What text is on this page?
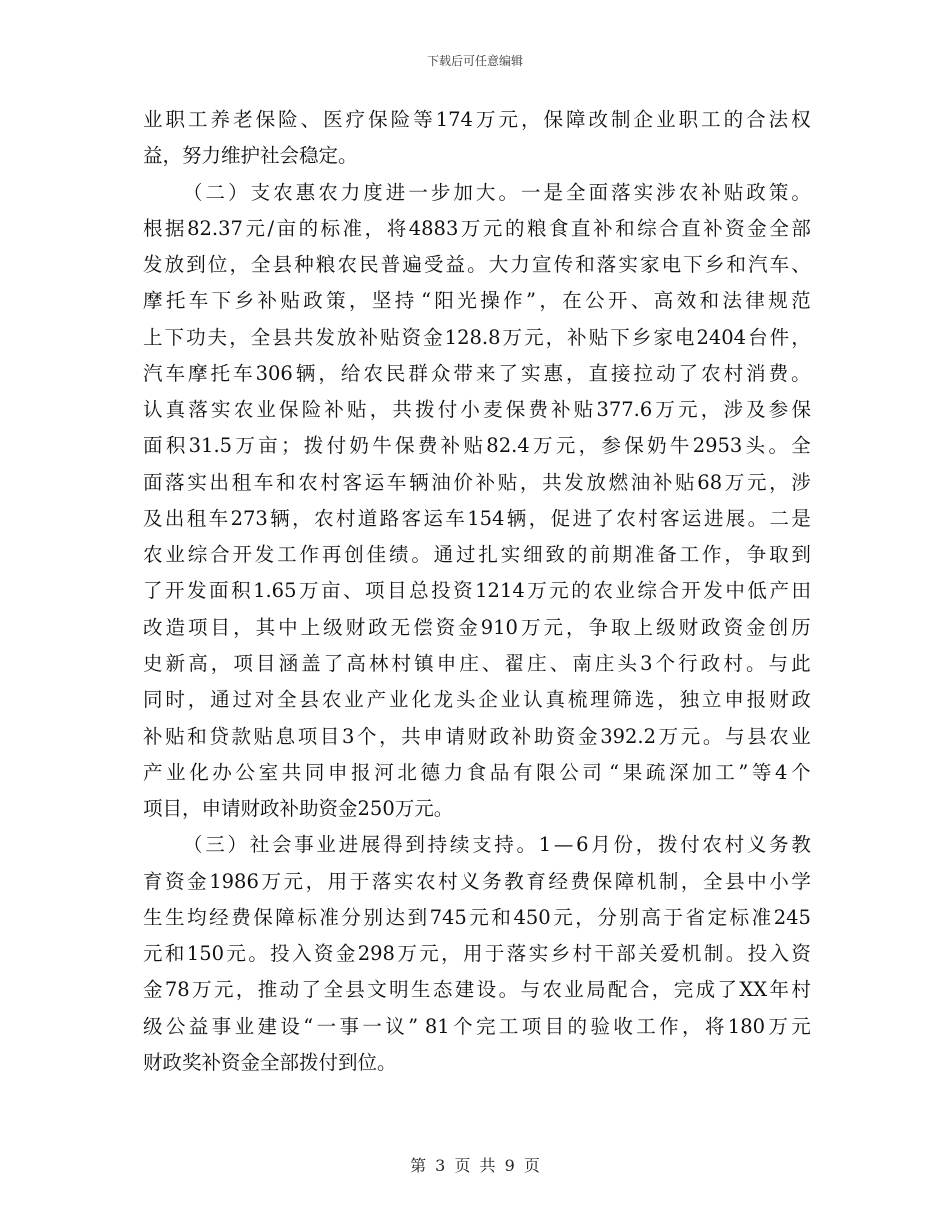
下载后可任意编辑
业 职 工 养 老 保 险 、 医 疗 保 险 等 174 万 元 ， 保 障 改 制 企 业 职 工 的 合 法 权
益，努力维护社会稳定。
（ 二 ） 支 农 惠 农 力 度 进 一 步 加 大 。 一 是 全 面 落 实 涉 农 补 贴 政 策 。
根 据 82.37 元 / 亩 的 标 准 ， 将 4883 万 元 的 粮 食 直 补 和 综 合 直 补 资 金 全 部
发 放 到 位 ， 全 县 种 粮 农 民 普 遍 受 益 。 大 力 宣 传 和 落 实 家 电 下 乡 和 汽 车 、
摩 托 车 下 乡 补 贴 政 策 ， 坚 持 “ 阳 光 操 作 ” ， 在 公 开 、 高 效 和 法 律 规 范
上 下 功 夫 ， 全 县 共 发 放 补 贴 资 金 128.8 万 元 ， 补 贴 下 乡 家 电 2404 台 件 ，
汽 车 摩 托 车 306 辆 ， 给 农 民 群 众 带 来 了 实 惠 ， 直 接 拉 动 了 农 村 消 费 。
认 真 落 实 农 业 保 险 补 贴 ， 共 拨 付 小 麦 保 费 补 贴 377.6 万 元 ， 涉 及 参 保
面 积 31.5 万 亩 ； 拨 付 奶 牛 保 费 补 贴 82.4 万 元 ， 参 保 奶 牛 2953 头 。 全
面 落 实 出 租 车 和 农 村 客 运 车 辆 油 价 补 贴 ， 共 发 放 燃 油 补 贴 68 万 元 ， 涉
及 出 租 车 273 辆 ， 农 村 道 路 客 运 车 154 辆 ， 促 进 了 农 村 客 运 进 展 。 二 是
农 业 综 合 开 发 工 作 再 创 佳 绩 。 通 过 扎 实 细 致 的 前 期 准 备 工 作 ， 争 取 到
了 开 发 面 积 1.65 万 亩 、 项 目 总 投 资 1214 万 元 的 农 业 综 合 开 发 中 低 产 田
改 造 项 目 ， 其 中 上 级 财 政 无 偿 资 金 910 万 元 ， 争 取 上 级 财 政 资 金 创 历
史 新 高 ， 项 目 涵 盖 了 高 林 村 镇 申 庄 、 翟 庄 、 南 庄 头 3 个 行 政 村 。 与 此
同 时 ， 通 过 对 全 县 农 业 产 业 化 龙 头 企 业 认 真 梳 理 筛 选 ， 独 立 申 报 财 政
补 贴 和 贷 款 贴 息 项 目 3 个 ， 共 申 请 财 政 补 助 资 金 392.2 万 元 。 与 县 农 业
产 业 化 办 公 室 共 同 申 报 河 北 德 力 食 品 有 限 公 司 “ 果 疏 深 加 工 ” 等 4 个
项目，申请财政补助资金250万元。
（ 三 ） 社 会 事 业 进 展 得 到 持 续 支 持 。 1 — 6 月 份 ， 拨 付 农 村 义 务 教
育 资 金 1986 万 元 ， 用 于 落 实 农 村 义 务 教 育 经 费 保 障 机 制 ， 全 县 中 小 学
生 生 均 经 费 保 障 标 准 分 别 达 到 745 元 和 450 元 ， 分 别 高 于 省 定 标 准 245
元 和 150 元 。 投 入 资 金 298 万 元 ， 用 于 落 实 乡 村 干 部 关 爱 机 制 。 投 入 资
金 78 万 元 ， 推 动 了 全 县 文 明 生 态 建 设 。 与 农 业 局 配 合 ， 完 成 了 XX 年 村
级 公 益 事 业 建 设 “ 一 事 一 议 ” 81 个 完 工 项 目 的 验 收 工 作 ， 将 180 万 元
财政奖补资金全部拨付到位。
第 3 页 共 9 页
